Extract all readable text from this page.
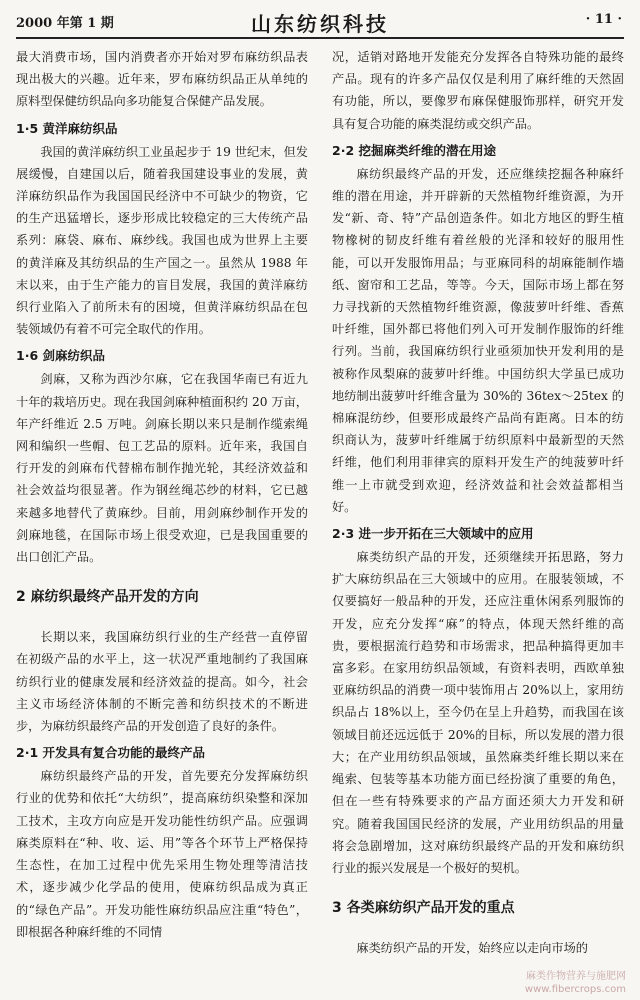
2000 年第 1 期	山东纺织科技	· 11 ·

最大消费市场，国内消费者亦开始对罗布麻纺织品表现出极大的兴趣。近年来，罗布麻纺织品正从单纯的原料型保健纺织品向多功能复合保健产品发展。

1·5 黄洋麻纺织品

我国的黄洋麻纺织工业虽起步于 19 世纪末，但发展缓慢，自建国以后，随着我国建设事业的发展，黄洋麻纺织品作为我国国民经济中不可缺少的物资，它的生产迅猛增长，逐步形成比较稳定的三大传统产品系列：麻袋、麻布、麻纱线。我国也成为世界上主要的黄洋麻及其纺织品的生产国之一。虽然从 1988 年末以来，由于生产能力的盲目发展，我国的黄洋麻纺织行业陷入了前所未有的困境，但黄洋麻纺织品在包装领域仍有着不可完全取代的作用。

1·6 剑麻纺织品

剑麻，又称为西沙尔麻，它在我国华南已有近九十年的栽培历史。现在我国剑麻种植面积约 20 万亩，年产纤维近 2.5 万吨。剑麻长期以来只是制作缆索绳网和编织一些帽、包工艺品的原料。近年来，我国自行开发的剑麻布代替棉布制作抛光轮，其经济效益和社会效益均很显著。作为钢丝绳芯纱的材料，它已越来越多地替代了黄麻纱。目前，用剑麻纱制作开发的剑麻地毯，在国际市场上很受欢迎，已是我国重要的出口创汇产品。

2 麻纺织最终产品开发的方向

长期以来，我国麻纺织行业的生产经营一直停留在初级产品的水平上，这一状况严重地制约了我国麻纺织行业的健康发展和经济效益的提高。如今，社会主义市场经济体制的不断完善和纺织技术的不断进步，为麻纺织最终产品的开发创造了良好的条件。

2·1 开发具有复合功能的最终产品

麻纺织最终产品的开发，首先要充分发挥麻纺织行业的优势和依托“大纺织”，提高麻纺织染整和深加工技术，主攻方向应是开发功能性纺织产品。应强调麻类原料在“种、收、运、用”等各个环节上严格保持生态性，在加工过程中优先采用生物处理等清洁技术，逐步减少化学品的使用，使麻纺织品成为真正的“绿色产品”。开发功能性麻纺织品应注重“特色”，即根据各种麻纤维的不同情

况，适销对路地开发能充分发挥各自特殊功能的最终产品。现有的许多产品仅仅是利用了麻纤维的天然固有功能，所以，要像罗布麻保健服饰那样，研究开发具有复合功能的麻类混纺或交织产品。

2·2 挖掘麻类纤维的潜在用途

麻纺织最终产品的开发，还应继续挖掘各种麻纤维的潜在用途，并开辟新的天然植物纤维资源，为开发“新、奇、特”产品创造条件。如北方地区的野生植物橡树的韧皮纤维有着丝般的光泽和较好的服用性能，可以开发服饰用品；与亚麻同科的胡麻能制作墙纸、窗帘和工艺品，等等。今天，国际市场上都在努力寻找新的天然植物纤维资源，像菠萝叶纤维、香蕉叶纤维，国外都已将他们列入可开发制作服饰的纤维行列。当前，我国麻纺织行业亟须加快开发利用的是被称作凤梨麻的菠萝叶纤维。中国纺织大学虽已成功地纺制出菠萝叶纤维含量为 30%的 36tex～25tex 的棉麻混纺纱，但要形成最终产品尚有距离。日本的纺织商认为，菠萝叶纤维属于纺织原料中最新型的天然纤维，他们利用菲律宾的原料开发生产的纯菠萝叶纤维一上市就受到欢迎，经济效益和社会效益都相当好。

2·3 进一步开拓在三大领域中的应用

麻类纺织产品的开发，还须继续开拓思路，努力扩大麻纺织品在三大领域中的应用。在服装领域，不仅要搞好一般品种的开发，还应注重休闲系列服饰的开发，应充分发挥“麻”的特点，体现天然纤维的高贵，要根据流行趋势和市场需求，把品种搞得更加丰富多彩。在家用纺织品领域，有资料表明，西欧单独亚麻纺织品的消费一项中装饰用占 20%以上，家用纺织品占 18%以上，至今仍在呈上升趋势，而我国在该领域目前还远远低于 20%的目标，所以发展的潜力很大；在产业用纺织品领域，虽然麻类纤维长期以来在绳索、包装等基本功能方面已经扮演了重要的角色，但在一些有特殊要求的产品方面还须大力开发和研究。随着我国国民经济的发展，产业用纺织品的用量将会急剧增加，这对麻纺织最终产品的开发和麻纺织行业的振兴发展是一个极好的契机。

3 各类麻纺织产品开发的重点

麻类纺织产品的开发，始终应以走向市场的

麻类作物营养与施肥网
www.fibercrops.com
